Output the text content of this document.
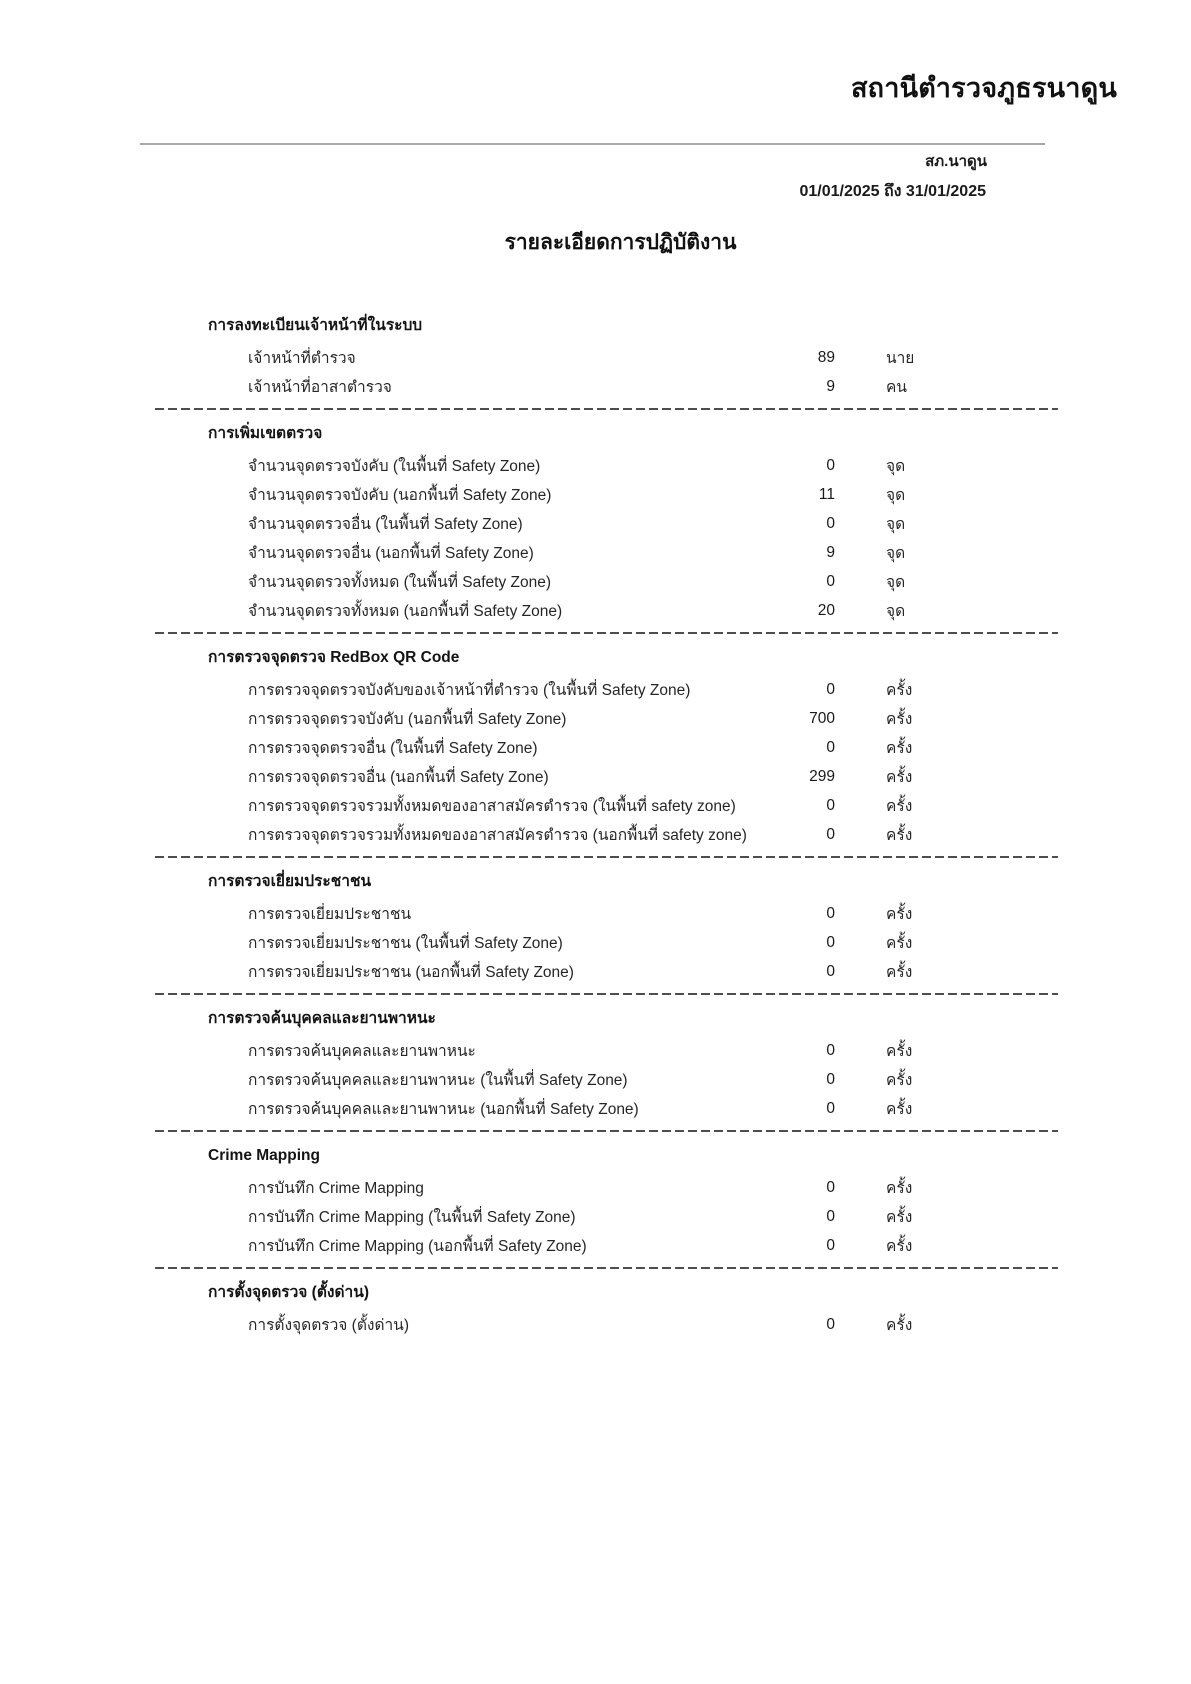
สถานีตำรวจภูธรนาดูน
สภ.นาดูน
01/01/2025 ถึง 31/01/2025
รายละเอียดการปฏิบัติงาน
การลงทะเบียนเจ้าหน้าที่ในระบบ
เจ้าหน้าที่ตำรวจ	89	นาย
เจ้าหน้าที่อาสาตำรวจ	9	คน
การเพิ่มเขตตรวจ
จำนวนจุดตรวจบังคับ (ในพื้นที่ Safety Zone)	0	จุด
จำนวนจุดตรวจบังคับ (นอกพื้นที่ Safety Zone)	11	จุด
จำนวนจุดตรวจอื่น (ในพื้นที่ Safety Zone)	0	จุด
จำนวนจุดตรวจอื่น (นอกพื้นที่ Safety Zone)	9	จุด
จำนวนจุดตรวจทั้งหมด (ในพื้นที่ Safety Zone)	0	จุด
จำนวนจุดตรวจทั้งหมด (นอกพื้นที่ Safety Zone)	20	จุด
การตรวจจุดตรวจ RedBox QR Code
การตรวจจุดตรวจบังคับของเจ้าหน้าที่ตำรวจ (ในพื้นที่ Safety Zone)	0	ครั้ง
การตรวจจุดตรวจบังคับ (นอกพื้นที่ Safety Zone)	700	ครั้ง
การตรวจจุดตรวจอื่น (ในพื้นที่ Safety Zone)	0	ครั้ง
การตรวจจุดตรวจอื่น (นอกพื้นที่ Safety Zone)	299	ครั้ง
การตรวจจุดตรวจรวมทั้งหมดของอาสาสมัครตำรวจ (ในพื้นที่ safety zone)	0	ครั้ง
การตรวจจุดตรวจรวมทั้งหมดของอาสาสมัครตำรวจ (นอกพื้นที่ safety zone)	0	ครั้ง
การตรวจเยี่ยมประชาชน
การตรวจเยี่ยมประชาชน	0	ครั้ง
การตรวจเยี่ยมประชาชน (ในพื้นที่ Safety Zone)	0	ครั้ง
การตรวจเยี่ยมประชาชน (นอกพื้นที่ Safety Zone)	0	ครั้ง
การตรวจค้นบุคคลและยานพาหนะ
การตรวจค้นบุคคลและยานพาหนะ	0	ครั้ง
การตรวจค้นบุคคลและยานพาหนะ (ในพื้นที่ Safety Zone)	0	ครั้ง
การตรวจค้นบุคคลและยานพาหนะ (นอกพื้นที่ Safety Zone)	0	ครั้ง
Crime Mapping
การบันทึก Crime Mapping	0	ครั้ง
การบันทึก Crime Mapping (ในพื้นที่ Safety Zone)	0	ครั้ง
การบันทึก Crime Mapping (นอกพื้นที่ Safety Zone)	0	ครั้ง
การตั้งจุดตรวจ (ตั้งด่าน)
การตั้งจุดตรวจ (ตั้งด่าน)	0	ครั้ง
